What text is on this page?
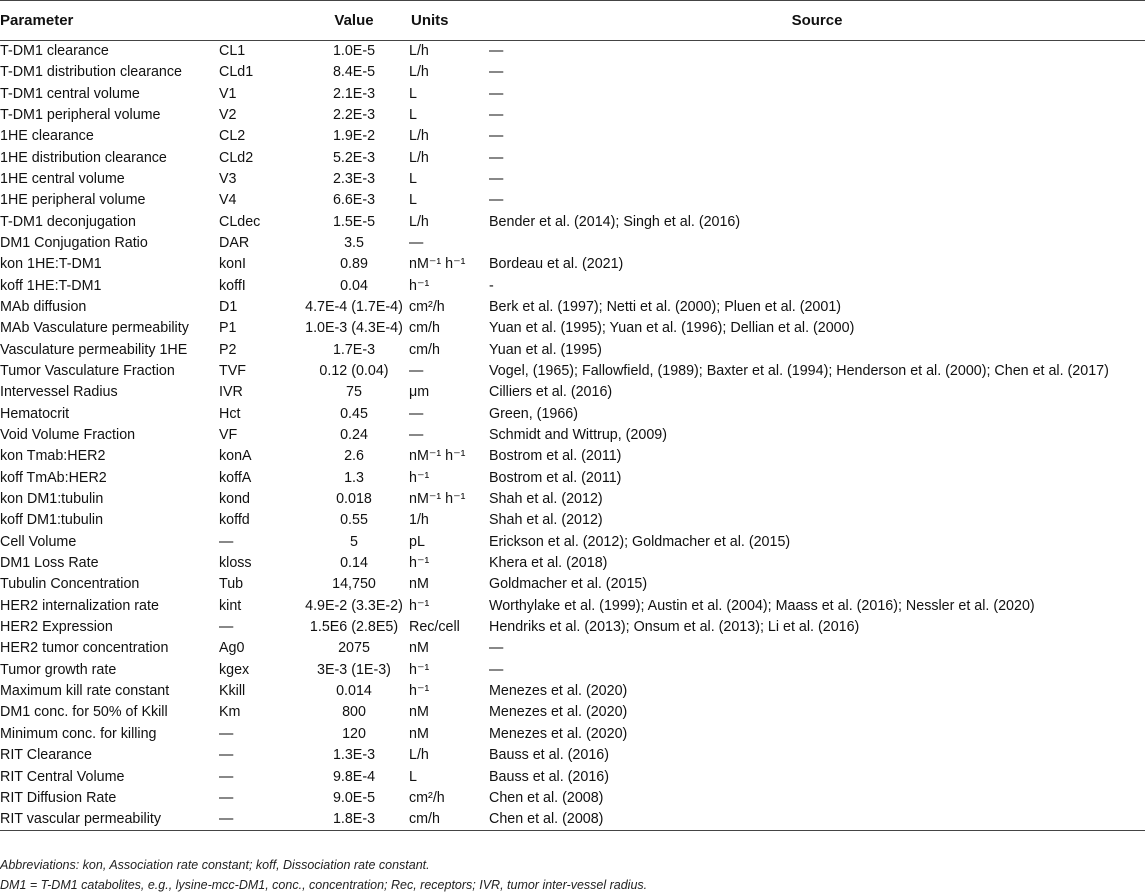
Parameter		Value	Units	Source
T-DM1 clearance	CL1	1.0E-5	L/h	—
T-DM1 distribution clearance	CLd1	8.4E-5	L/h	—
T-DM1 central volume	V1	2.1E-3	L	—
T-DM1 peripheral volume	V2	2.2E-3	L	—
1HE clearance	CL2	1.9E-2	L/h	—
1HE distribution clearance	CLd2	5.2E-3	L/h	—
1HE central volume	V3	2.3E-3	L	—
1HE peripheral volume	V4	6.6E-3	L	—
T-DM1 deconjugation	CLdec	1.5E-5	L/h	Bender et al. (2014); Singh et al. (2016)
DM1 Conjugation Ratio	DAR	3.5	—	
kon 1HE:T-DM1	konI	0.89	nM⁻¹ h⁻¹	Bordeau et al. (2021)
koff 1HE:T-DM1	koffI	0.04	h⁻¹	-
MAb diffusion	D1	4.7E-4 (1.7E-4)	cm²/h	Berk et al. (1997); Netti et al. (2000); Pluen et al. (2001)
MAb Vasculature permeability	P1	1.0E-3 (4.3E-4)	cm/h	Yuan et al. (1995); Yuan et al. (1996); Dellian et al. (2000)
Vasculature permeability 1HE	P2	1.7E-3	cm/h	Yuan et al. (1995)
Tumor Vasculature Fraction	TVF	0.12 (0.04)	—	Vogel, (1965); Fallowfield, (1989); Baxter et al. (1994); Henderson et al. (2000); Chen et al. (2017)
Intervessel Radius	IVR	75	μm	Cilliers et al. (2016)
Hematocrit	Hct	0.45	—	Green, (1966)
Void Volume Fraction	VF	0.24	—	Schmidt and Wittrup, (2009)
kon Tmab:HER2	konA	2.6	nM⁻¹ h⁻¹	Bostrom et al. (2011)
koff TmAb:HER2	koffA	1.3	h⁻¹	Bostrom et al. (2011)
kon DM1:tubulin	kond	0.018	nM⁻¹ h⁻¹	Shah et al. (2012)
koff DM1:tubulin	koffd	0.55	1/h	Shah et al. (2012)
Cell Volume	—	5	pL	Erickson et al. (2012); Goldmacher et al. (2015)
DM1 Loss Rate	kloss	0.14	h⁻¹	Khera et al. (2018)
Tubulin Concentration	Tub	14,750	nM	Goldmacher et al. (2015)
HER2 internalization rate	kint	4.9E-2 (3.3E-2)	h⁻¹	Worthylake et al. (1999); Austin et al. (2004); Maass et al. (2016); Nessler et al. (2020)
HER2 Expression	—	1.5E6 (2.8E5)	Rec/cell	Hendriks et al. (2013); Onsum et al. (2013); Li et al. (2016)
HER2 tumor concentration	Ag0	2075	nM	—
Tumor growth rate	kgex	3E-3 (1E-3)	h⁻¹	—
Maximum kill rate constant	Kkill	0.014	h⁻¹	Menezes et al. (2020)
DM1 conc. for 50% of Kkill	Km	800	nM	Menezes et al. (2020)
Minimum conc. for killing	—	120	nM	Menezes et al. (2020)
RIT Clearance	—	1.3E-3	L/h	Bauss et al. (2016)
RIT Central Volume	—	9.8E-4	L	Bauss et al. (2016)
RIT Diffusion Rate	—	9.0E-5	cm²/h	Chen et al. (2008)
RIT vascular permeability	—	1.8E-3	cm/h	Chen et al. (2008)
Abbreviations: kon, Association rate constant; koff, Dissociation rate constant.
DM1 = T-DM1 catabolites, e.g., lysine-mcc-DM1, conc., concentration; Rec, receptors; IVR, tumor inter-vessel radius.
